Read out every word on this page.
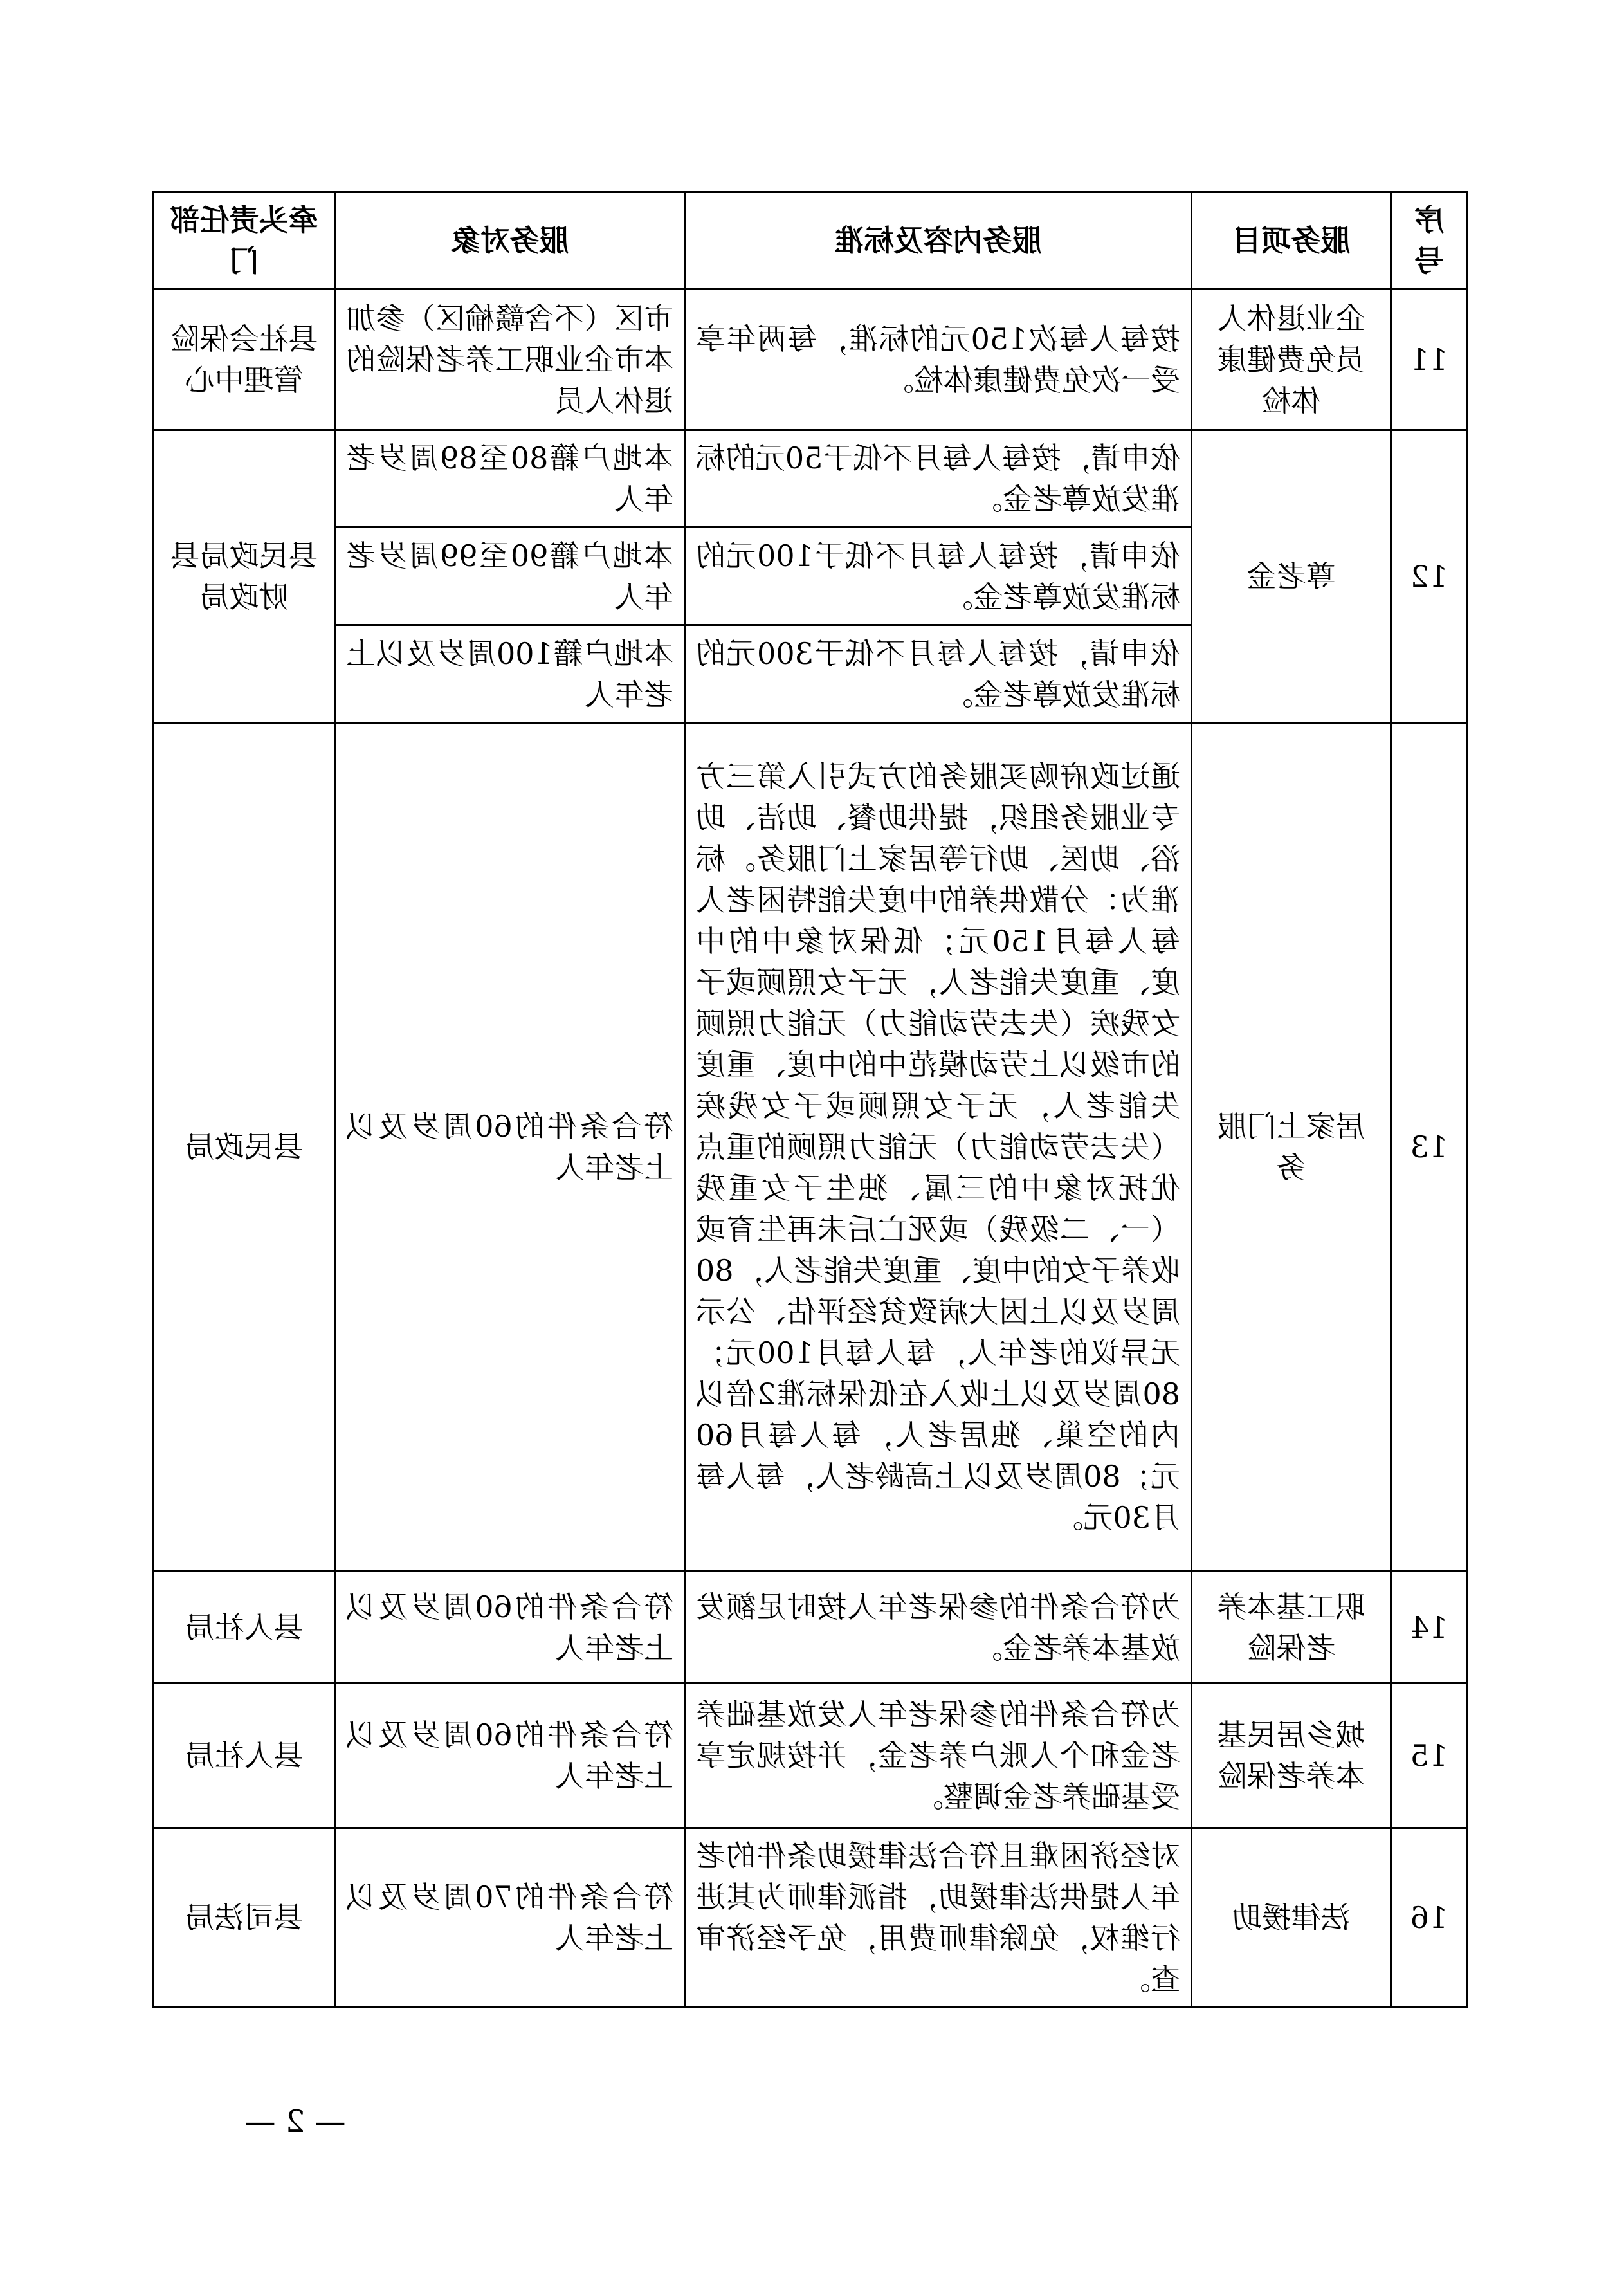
序号	服务项目	服务内容及标准	服务对象	牵头责任部门
11	企业退休人员免费健康体检	按每人每次150元的标准，每两年享受一次免费健康体检。	市区（不含赣榆区）参加本市企业职工养老保险的退休人员	县社会保险管理中心
12	尊老金	依申请，按每人每月不低于50元的标准发放尊老金。	本地户籍80至89周岁老年人	县民政局县财政局
		依申请，按每人每月不低于100元的标准发放尊老金。	本地户籍90至99周岁老年人	
		依申请，按每人每月不低于300元的标准发放尊老金。	本地户籍100周岁及以上老年人	
13	居家上门服务	通过政府购买服务的方式引入第三方专业服务组织，提供助餐、助洁、助浴、助医、助行等居家上门服务。标准为：分散供养的中度失能特困老人每人每月150元；低保对象中的中度、重度失能老人，无子女照顾或子女残疾（失去劳动能力）无能力照顾的市级以上劳动模范中的中度、重度失能老人，无子女照顾或子女残疾（失去劳动能力）无能力照顾的重点优抚对象中的三属、独生子女重残（一、二级残）或死亡后未再生育或收养子女的中度、重度失能老人，80周岁及以上因大病致贫经评估、公示无异议的老年人，每人每月100元；80周岁及以上收入在低保标准2倍以内的空巢、独居老人，每人每月60元；80周岁及以上高龄老人，每人每月30元。	符合条件的60周岁及以上老年人	县民政局
14	职工基本养老保险	为符合条件的参保老年人按时足额发放基本养老金。	符合条件的60周岁及以上老年人	县人社局
15	城乡居民基本养老保险	为符合条件的参保老年人发放基础养老金和个人账户养老金，并按规定享受基础养老金调整。	符合条件的60周岁及以上老年人	县人社局
16	法律援助	对经济困难且符合法律援助条件的老年人提供法律援助，指派律师为其进行维权，免除律师费用，免予经济审查。	符合条件的70周岁及以上老年人	县司法局
— 2 —
